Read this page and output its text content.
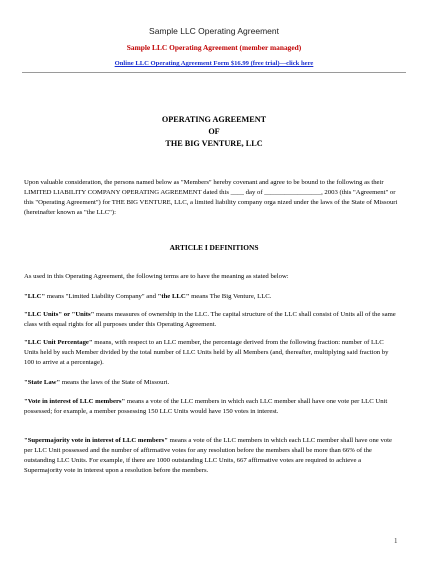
Sample LLC Operating Agreement
Sample LLC Operating Agreement (member managed)
Online LLC Operating Agreement Form $16.99 (free trial)—click here
OPERATING AGREEMENT
OF
THE BIG VENTURE, LLC
Upon valuable consideration, the persons named below as "Members" hereby covenant and agree to be bound to the following as their LIMITED LIABILITY COMPANY OPERATING AGREEMENT dated this ____ day of _________________, 2003 (this "Agreement" or this "Operating Agreement") for THE BIG VENTURE, LLC, a limited liability company orga nized under the laws of the State of Missouri (hereinafter known as "the LLC"):
ARTICLE I DEFINITIONS
As used in this Operating Agreement, the following terms are to have the meaning as stated below:
"LLC" means "Limited Liability Company" and "the LLC" means The Big Venture, LLC.
"LLC Units" or "Units" means measures of ownership in the LLC. The capital structure of the LLC shall consist of Units all of the same class with equal rights for all purposes under this Operating Agreement.
"LLC Unit Percentage" means, with respect to an LLC member, the percentage derived from the following fraction: number of LLC Units held by such Member divided by the total number of LLC Units held by all Members (and, thereafter, multiplying said fraction by 100 to arrive at a percentage).
"State Law" means the laws of the State of Missouri.
"Vote in interest of LLC members" means a vote of the LLC members in which each LLC member shall have one vote per LLC Unit possessed; for example, a member possessing 150 LLC Units would have 150 votes in interest.
"Supermajority vote in interest of LLC members" means a vote of the LLC members in which each LLC member shall have one vote per LLC Unit possessed and the number of affirmative votes for any resolution before the members shall be more than 66% of the outstanding LLC Units. For example, if there are 1000 outstanding LLC Units, 667 affirmative votes are required to achieve a Supermajority vote in interest upon a resolution before the members.
1
